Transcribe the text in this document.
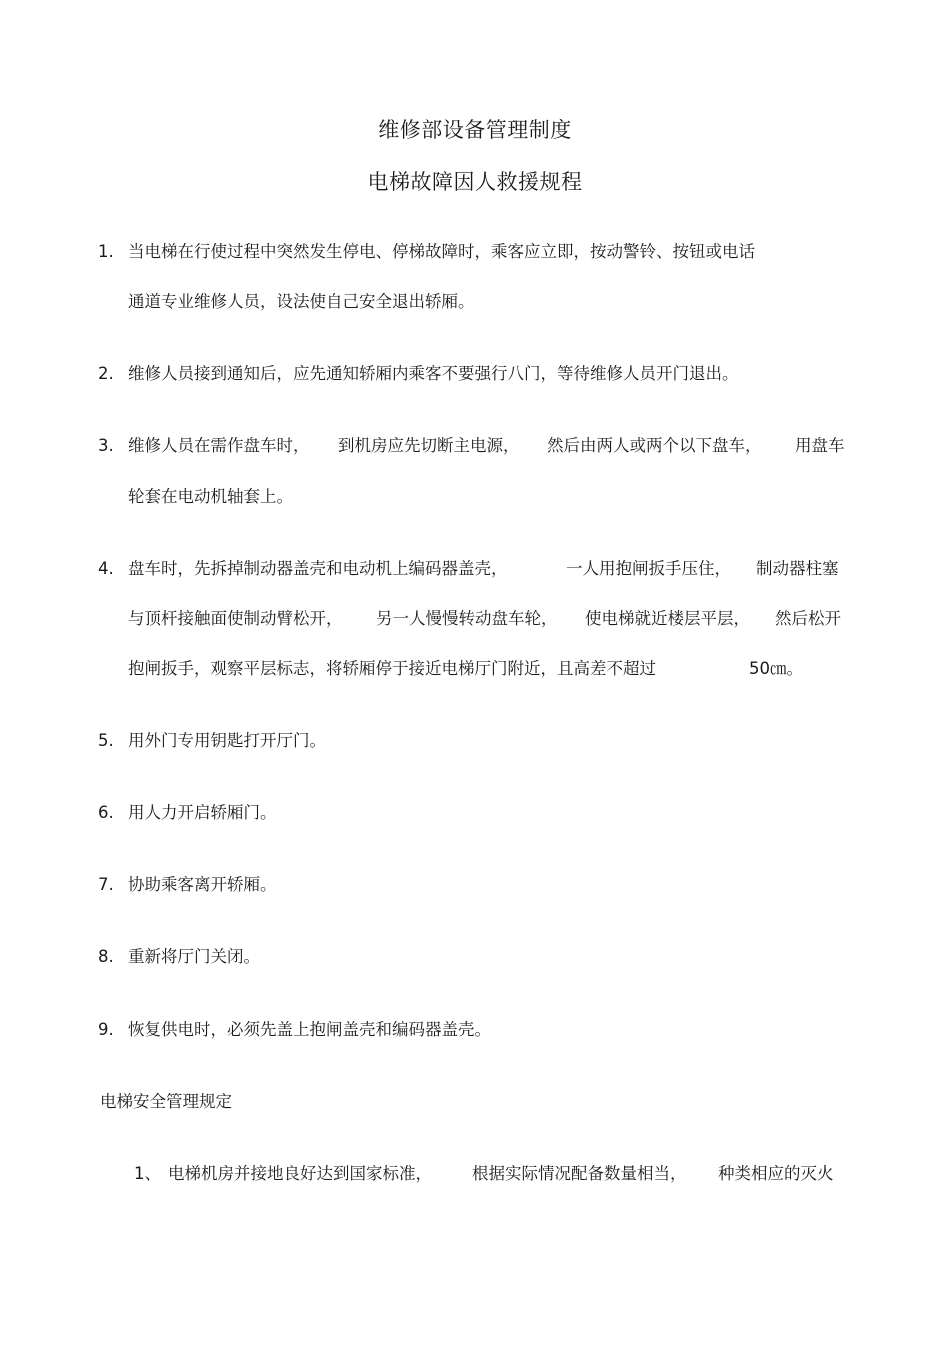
维修部设备管理制度
电梯故障因人救援规程
1. 当电梯在行使过程中突然发生停电、停梯故障时，乘客应立即，按动警铃、按钮或电话
通道专业维修人员，设法使自己安全退出轿厢。
2. 维修人员接到通知后，应先通知轿厢内乘客不要强行八门，等待维修人员开门退出。
3. 维修人员在需作盘车时， 到机房应先切断主电源， 然后由两人或两个以下盘车， 用盘车
轮套在电动机轴套上。
4. 盘车时，先拆掉制动器盖壳和电动机上编码器盖壳，	一人用抱闸扳手压住， 制动器柱塞
与顶杆接触面使制动臂松开， 另一人慢慢转动盘车轮， 使电梯就近楼层平层， 然后松开
抱闸扳手，观察平层标志，将轿厢停于接近电梯厅门附近，且高差不超过	50㎝。
5. 用外门专用钥匙打开厅门。
6. 用人力开启轿厢门。
7. 协助乘客离开轿厢。
8. 重新将厅门关闭。
9. 恢复供电时，必须先盖上抱闸盖壳和编码器盖壳。
电梯安全管理规定
1、 电梯机房并接地良好达到国家标准， 根据实际情况配备数量相当， 种类相应的灭火
